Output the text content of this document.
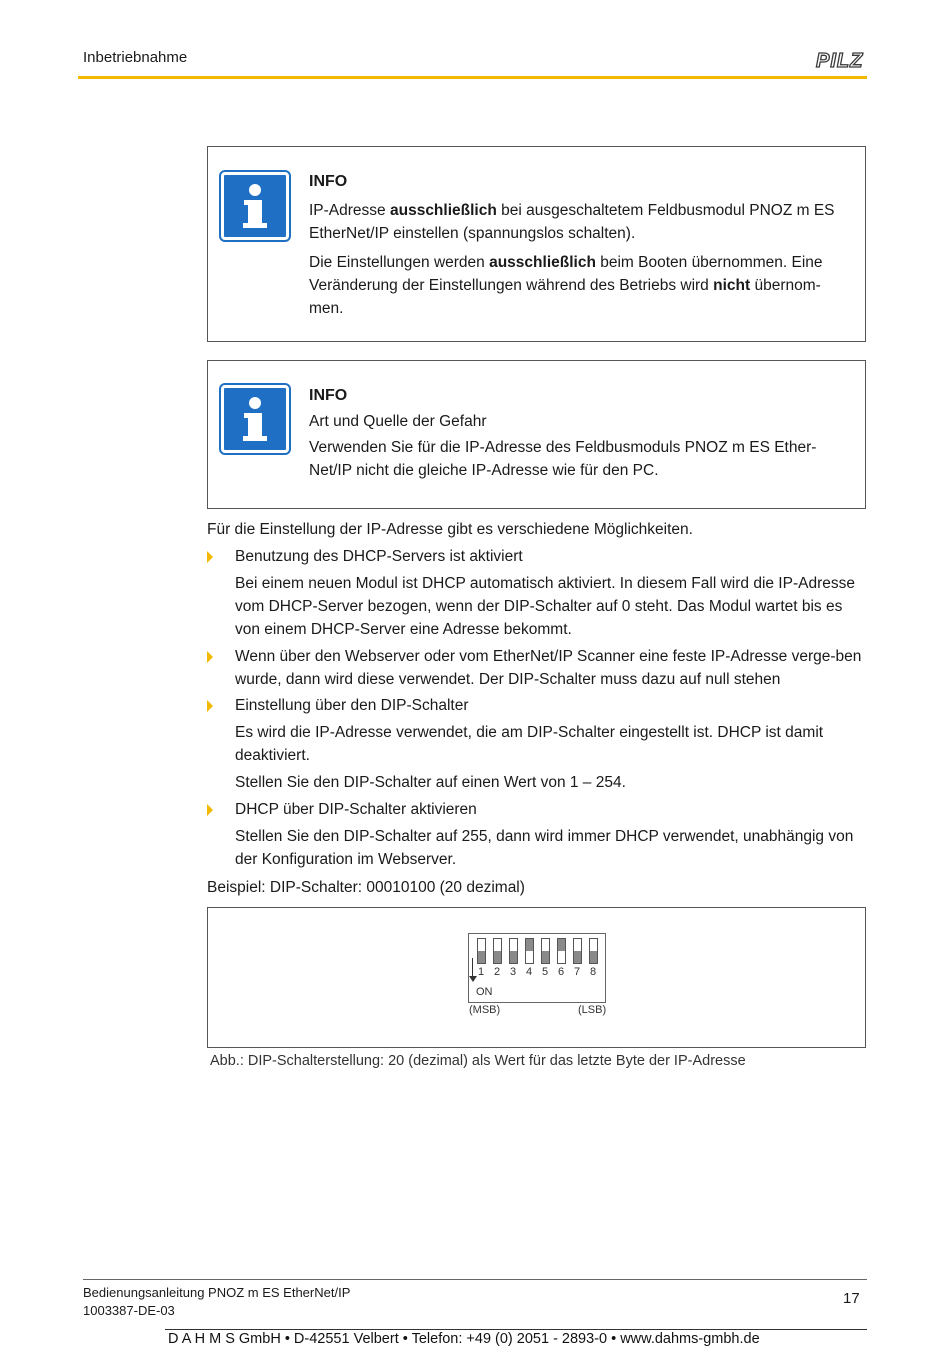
Inbetriebnahme	PILZ

INFO

IP-Adresse ausschließlich bei ausgeschaltetem Feldbusmodul PNOZ m ES EtherNet/IP einstellen (spannungslos schalten).

Die Einstellungen werden ausschließlich beim Booten übernommen. Eine Veränderung der Einstellungen während des Betriebs wird nicht übernom-men.

INFO

Art und Quelle der Gefahr

Verwenden Sie für die IP-Adresse des Feldbusmoduls PNOZ m ES Ether-Net/IP nicht die gleiche IP-Adresse wie für den PC.

Für die Einstellung der IP-Adresse gibt es verschiedene Möglichkeiten.
Benutzung des DHCP-Servers ist aktiviert
Bei einem neuen Modul ist DHCP automatisch aktiviert. In diesem Fall wird die IP-Adresse vom DHCP-Server bezogen, wenn der DIP-Schalter auf 0 steht. Das Modul wartet bis es von einem DHCP-Server eine Adresse bekommt.
Wenn über den Webserver oder vom EtherNet/IP Scanner eine feste IP-Adresse verge-ben wurde, dann wird diese verwendet. Der DIP-Schalter muss dazu auf null stehen
Einstellung über den DIP-Schalter
Es wird die IP-Adresse verwendet, die am DIP-Schalter eingestellt ist. DHCP ist damit deaktiviert.
Stellen Sie den DIP-Schalter auf einen Wert von 1 – 254.
DHCP über DIP-Schalter aktivieren
Stellen Sie den DIP-Schalter auf 255, dann wird immer DHCP verwendet, unabhängig von der Konfiguration im Webserver.
Beispiel: DIP-Schalter: 00010100 (20 dezimal)
1 2 3 4 5 6 7 8
ON
(MSB)	(LSB)
Abb.: DIP-Schalterstellung: 20 (dezimal) als Wert für das letzte Byte der IP-Adresse
Bedienungsanleitung PNOZ m ES EtherNet/IP
1003387-DE-03
17
D A H M S GmbH • D-42551 Velbert • Telefon: +49 (0) 2051 - 2893-0 • www.dahms-gmbh.de
